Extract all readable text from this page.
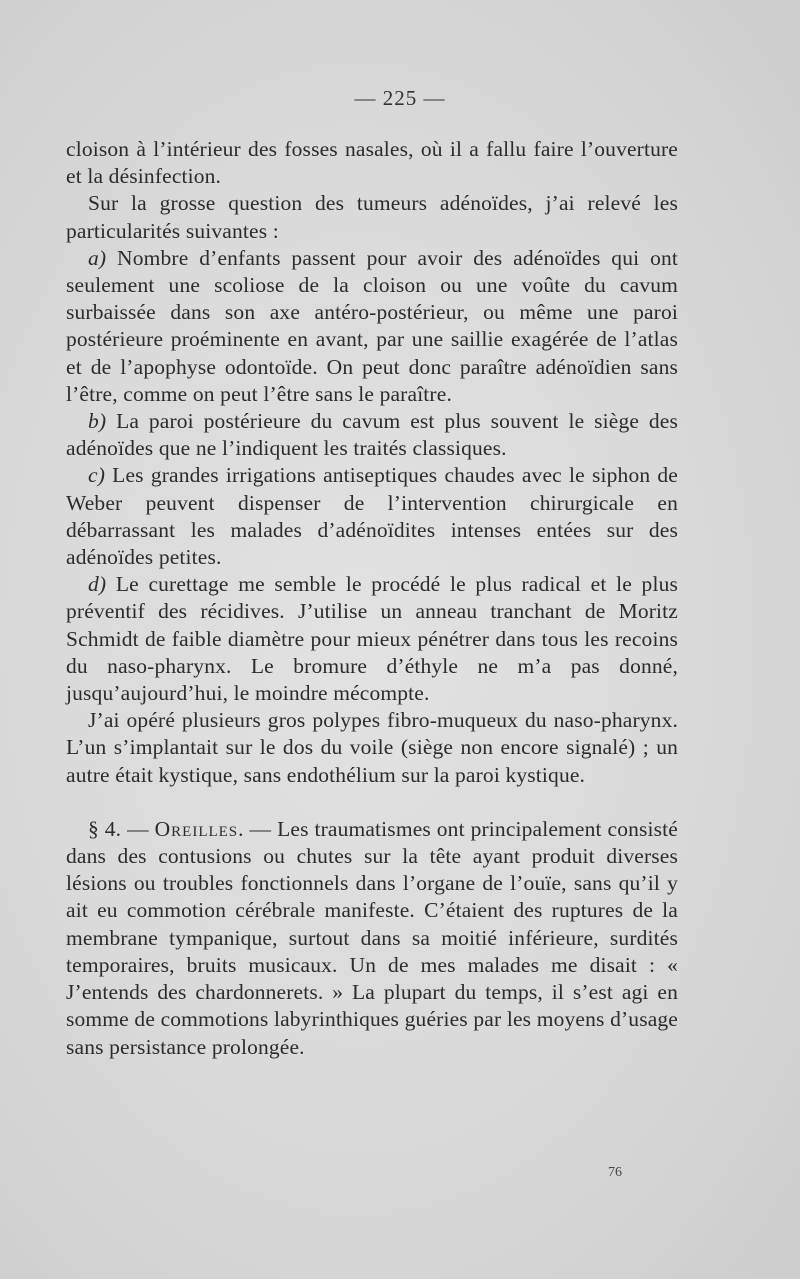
— 225 —

cloison à l’intérieur des fosses nasales, où il a fallu faire l’ouverture et la désinfection.

Sur la grosse question des tumeurs adénoïdes, j’ai relevé les particularités suivantes :

a) Nombre d’enfants passent pour avoir des adénoïdes qui ont seulement une scoliose de la cloison ou une voûte du cavum surbaissée dans son axe antéro-postérieur, ou même une paroi postérieure proéminente en avant, par une saillie exagérée de l’atlas et de l’apophyse odontoïde. On peut donc paraître adénoïdien sans l’être, comme on peut l’être sans le paraître.

b) La paroi postérieure du cavum est plus souvent le siège des adénoïdes que ne l’indiquent les traités classiques.

c) Les grandes irrigations antiseptiques chaudes avec le siphon de Weber peuvent dispenser de l’intervention chirurgicale en débarrassant les malades d’adénoïdites intenses entées sur des adénoïdes petites.

d) Le curettage me semble le procédé le plus radical et le plus préventif des récidives. J’utilise un anneau tranchant de Moritz Schmidt de faible diamètre pour mieux pénétrer dans tous les recoins du naso-pharynx. Le bromure d’éthyle ne m’a pas donné, jusqu’aujourd’hui, le moindre mécompte.

J’ai opéré plusieurs gros polypes fibro-muqueux du naso-pharynx. L’un s’implantait sur le dos du voile (siège non encore signalé) ; un autre était kystique, sans endothélium sur la paroi kystique.

§ 4. — Oreilles. — Les traumatismes ont principalement consisté dans des contusions ou chutes sur la tête ayant produit diverses lésions ou troubles fonctionnels dans l’organe de l’ouïe, sans qu’il y ait eu commotion cérébrale manifeste. C’étaient des ruptures de la membrane tympanique, surtout dans sa moitié inférieure, surdités temporaires, bruits musicaux. Un de mes malades me disait : « J’entends des chardonnerets. » La plupart du temps, il s’est agi en somme de commotions labyrinthiques guéries par les moyens d’usage sans persistance prolongée.

76
